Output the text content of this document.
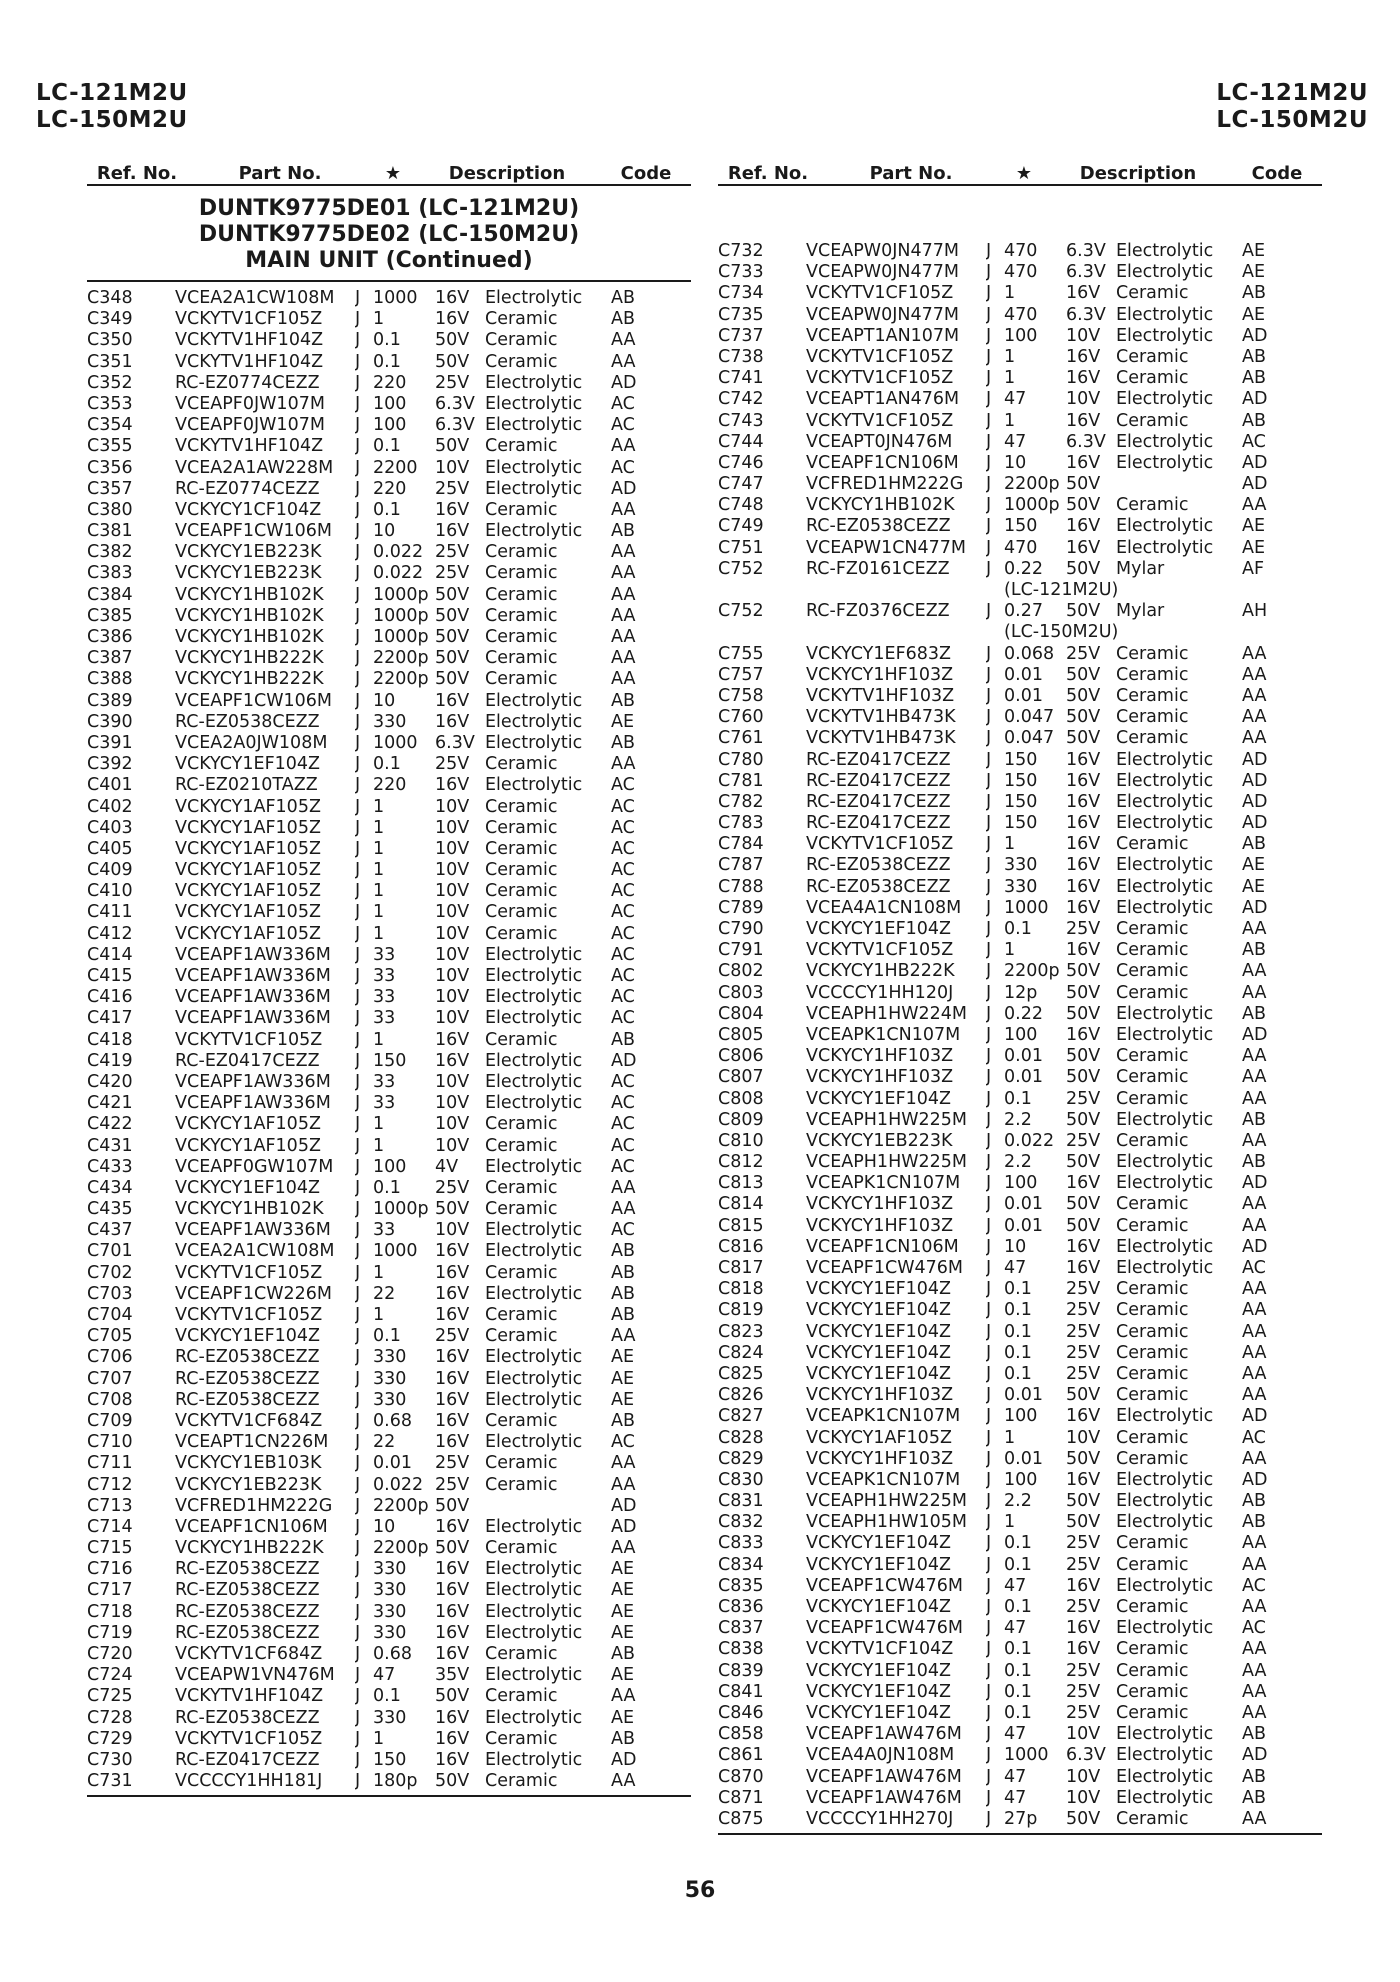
LC-121M2U
LC-150M2U
LC-121M2U
LC-150M2U
Ref. No.	Part No.	★	Description	Code
DUNTK9775DE01 (LC-121M2U)
DUNTK9775DE02 (LC-150M2U)
MAIN UNIT (Continued)
C348	VCEA2A1CW108M	J 1000 16V Electrolytic	AB
C349	VCKYTV1CF105Z	J 1	16V Ceramic	AB
C350	VCKYTV1HF104Z	J 0.1	50V Ceramic	AA
C351	VCKYTV1HF104Z	J 0.1	50V Ceramic	AA
C352	RC-EZ0774CEZZ	J 220	25V Electrolytic	AD
C353	VCEAPF0JW107M	J 100	6.3V Electrolytic	AC
C354	VCEAPF0JW107M	J 100	6.3V Electrolytic	AC
C355	VCKYTV1HF104Z	J 0.1	50V Ceramic	AA
C356	VCEA2A1AW228M	J 2200 10V Electrolytic	AC
C357	RC-EZ0774CEZZ	J 220	25V Electrolytic	AD
C380	VCKYCY1CF104Z	J 0.1	16V Ceramic	AA
C381	VCEAPF1CW106M	J 10	16V Electrolytic	AB
C382	VCKYCY1EB223K	J 0.022 25V Ceramic	AA
C383	VCKYCY1EB223K	J 0.022 25V Ceramic	AA
C384	VCKYCY1HB102K	J 1000p 50V Ceramic	AA
C385	VCKYCY1HB102K	J 1000p 50V Ceramic	AA
C386	VCKYCY1HB102K	J 1000p 50V Ceramic	AA
C387	VCKYCY1HB222K	J 2200p 50V Ceramic	AA
C388	VCKYCY1HB222K	J 2200p 50V Ceramic	AA
C389	VCEAPF1CW106M	J 10	16V Electrolytic	AB
C390	RC-EZ0538CEZZ	J 330	16V Electrolytic	AE
C391	VCEA2A0JW108M	J 1000 6.3V Electrolytic	AB
C392	VCKYCY1EF104Z	J 0.1	25V Ceramic	AA
C401	RC-EZ0210TAZZ	J 220	16V Electrolytic	AC
C402	VCKYCY1AF105Z	J 1	10V Ceramic	AC
C403	VCKYCY1AF105Z	J 1	10V Ceramic	AC
C405	VCKYCY1AF105Z	J 1	10V Ceramic	AC
C409	VCKYCY1AF105Z	J 1	10V Ceramic	AC
C410	VCKYCY1AF105Z	J 1	10V Ceramic	AC
C411	VCKYCY1AF105Z	J 1	10V Ceramic	AC
C412	VCKYCY1AF105Z	J 1	10V Ceramic	AC
C414	VCEAPF1AW336M	J 33	10V Electrolytic	AC
C415	VCEAPF1AW336M	J 33	10V Electrolytic	AC
C416	VCEAPF1AW336M	J 33	10V Electrolytic	AC
C417	VCEAPF1AW336M	J 33	10V Electrolytic	AC
C418	VCKYTV1CF105Z	J 1	16V Ceramic	AB
C419	RC-EZ0417CEZZ	J 150	16V Electrolytic	AD
C420	VCEAPF1AW336M	J 33	10V Electrolytic	AC
C421	VCEAPF1AW336M	J 33	10V Electrolytic	AC
C422	VCKYCY1AF105Z	J 1	10V Ceramic	AC
C431	VCKYCY1AF105Z	J 1	10V Ceramic	AC
C433	VCEAPF0GW107M	J 100	4V	Electrolytic	AC
C434	VCKYCY1EF104Z	J 0.1	25V Ceramic	AA
C435	VCKYCY1HB102K	J 1000p 50V Ceramic	AA
C437	VCEAPF1AW336M	J 33	10V Electrolytic	AC
C701	VCEA2A1CW108M	J 1000 16V Electrolytic	AB
C702	VCKYTV1CF105Z	J 1	16V Ceramic	AB
C703	VCEAPF1CW226M	J 22	16V Electrolytic	AB
C704	VCKYTV1CF105Z	J 1	16V Ceramic	AB
C705	VCKYCY1EF104Z	J 0.1	25V Ceramic	AA
C706	RC-EZ0538CEZZ	J 330	16V Electrolytic	AE
C707	RC-EZ0538CEZZ	J 330	16V Electrolytic	AE
C708	RC-EZ0538CEZZ	J 330	16V Electrolytic	AE
C709	VCKYTV1CF684Z	J 0.68	16V Ceramic	AB
C710	VCEAPT1CN226M	J 22	16V Electrolytic	AC
C711	VCKYCY1EB103K	J 0.01	25V Ceramic	AA
C712	VCKYCY1EB223K	J 0.022 25V Ceramic	AA
C713	VCFRED1HM222G	J 2200p 50V	AD
C714	VCEAPF1CN106M	J 10	16V Electrolytic	AD
C715	VCKYCY1HB222K	J 2200p 50V Ceramic	AA
C716	RC-EZ0538CEZZ	J 330	16V Electrolytic	AE
C717	RC-EZ0538CEZZ	J 330	16V Electrolytic	AE
C718	RC-EZ0538CEZZ	J 330	16V Electrolytic	AE
C719	RC-EZ0538CEZZ	J 330	16V Electrolytic	AE
C720	VCKYTV1CF684Z	J 0.68	16V Ceramic	AB
C724	VCEAPW1VN476M	J 47	35V Electrolytic	AE
C725	VCKYTV1HF104Z	J 0.1	50V Ceramic	AA
C728	RC-EZ0538CEZZ	J 330	16V Electrolytic	AE
C729	VCKYTV1CF105Z	J 1	16V Ceramic	AB
C730	RC-EZ0417CEZZ	J 150	16V Electrolytic	AD
C731	VCCCCY1HH181J	J 180p 50V Ceramic	AA
Ref. No.	Part No.	★	Description	Code
C732	VCEAPW0JN477M	J 470	6.3V Electrolytic	AE
C733	VCEAPW0JN477M	J 470	6.3V Electrolytic	AE
C734	VCKYTV1CF105Z	J 1	16V Ceramic	AB
C735	VCEAPW0JN477M	J 470	6.3V Electrolytic	AE
C737	VCEAPT1AN107M	J 100	10V Electrolytic	AD
C738	VCKYTV1CF105Z	J 1	16V Ceramic	AB
C741	VCKYTV1CF105Z	J 1	16V Ceramic	AB
C742	VCEAPT1AN476M	J 47	10V Electrolytic	AD
C743	VCKYTV1CF105Z	J 1	16V Ceramic	AB
C744	VCEAPT0JN476M	J 47	6.3V Electrolytic	AC
C746	VCEAPF1CN106M	J 10	16V Electrolytic	AD
C747	VCFRED1HM222G	J 2200p 50V	AD
C748	VCKYCY1HB102K	J 1000p 50V Ceramic	AA
C749	RC-EZ0538CEZZ	J 150	16V Electrolytic	AE
C751	VCEAPW1CN477M	J 470	16V Electrolytic	AE
C752	RC-FZ0161CEZZ	J 0.22	50V Mylar	AF
(LC-121M2U)
C752	RC-FZ0376CEZZ	J 0.27	50V Mylar	AH
(LC-150M2U)
C755	VCKYCY1EF683Z	J 0.068 25V Ceramic	AA
C757	VCKYCY1HF103Z	J 0.01	50V Ceramic	AA
C758	VCKYTV1HF103Z	J 0.01	50V Ceramic	AA
C760	VCKYTV1HB473K	J 0.047 50V Ceramic	AA
C761	VCKYTV1HB473K	J 0.047 50V Ceramic	AA
C780	RC-EZ0417CEZZ	J 150	16V Electrolytic	AD
C781	RC-EZ0417CEZZ	J 150	16V Electrolytic	AD
C782	RC-EZ0417CEZZ	J 150	16V Electrolytic	AD
C783	RC-EZ0417CEZZ	J 150	16V Electrolytic	AD
C784	VCKYTV1CF105Z	J 1	16V Ceramic	AB
C787	RC-EZ0538CEZZ	J 330	16V Electrolytic	AE
C788	RC-EZ0538CEZZ	J 330	16V Electrolytic	AE
C789	VCEA4A1CN108M	J 1000 16V Electrolytic	AD
C790	VCKYCY1EF104Z	J 0.1	25V Ceramic	AA
C791	VCKYTV1CF105Z	J 1	16V Ceramic	AB
C802	VCKYCY1HB222K	J 2200p 50V Ceramic	AA
C803	VCCCCY1HH120J	J 12p	50V Ceramic	AA
C804	VCEAPH1HW224M	J 0.22	50V Electrolytic	AB
C805	VCEAPK1CN107M	J 100	16V Electrolytic	AD
C806	VCKYCY1HF103Z	J 0.01	50V Ceramic	AA
C807	VCKYCY1HF103Z	J 0.01	50V Ceramic	AA
C808	VCKYCY1EF104Z	J 0.1	25V Ceramic	AA
C809	VCEAPH1HW225M	J 2.2	50V Electrolytic	AB
C810	VCKYCY1EB223K	J 0.022 25V Ceramic	AA
C812	VCEAPH1HW225M	J 2.2	50V Electrolytic	AB
C813	VCEAPK1CN107M	J 100	16V Electrolytic	AD
C814	VCKYCY1HF103Z	J 0.01	50V Ceramic	AA
C815	VCKYCY1HF103Z	J 0.01	50V Ceramic	AA
C816	VCEAPF1CN106M	J 10	16V Electrolytic	AD
C817	VCEAPF1CW476M	J 47	16V Electrolytic	AC
C818	VCKYCY1EF104Z	J 0.1	25V Ceramic	AA
C819	VCKYCY1EF104Z	J 0.1	25V Ceramic	AA
C823	VCKYCY1EF104Z	J 0.1	25V Ceramic	AA
C824	VCKYCY1EF104Z	J 0.1	25V Ceramic	AA
C825	VCKYCY1EF104Z	J 0.1	25V Ceramic	AA
C826	VCKYCY1HF103Z	J 0.01	50V Ceramic	AA
C827	VCEAPK1CN107M	J 100	16V Electrolytic	AD
C828	VCKYCY1AF105Z	J 1	10V Ceramic	AC
C829	VCKYCY1HF103Z	J 0.01	50V Ceramic	AA
C830	VCEAPK1CN107M	J 100	16V Electrolytic	AD
C831	VCEAPH1HW225M	J 2.2	50V Electrolytic	AB
C832	VCEAPH1HW105M	J 1	50V Electrolytic	AB
C833	VCKYCY1EF104Z	J 0.1	25V Ceramic	AA
C834	VCKYCY1EF104Z	J 0.1	25V Ceramic	AA
C835	VCEAPF1CW476M	J 47	16V Electrolytic	AC
C836	VCKYCY1EF104Z	J 0.1	25V Ceramic	AA
C837	VCEAPF1CW476M	J 47	16V Electrolytic	AC
C838	VCKYTV1CF104Z	J 0.1	16V Ceramic	AA
C839	VCKYCY1EF104Z	J 0.1	25V Ceramic	AA
C841	VCKYCY1EF104Z	J 0.1	25V Ceramic	AA
C846	VCKYCY1EF104Z	J 0.1	25V Ceramic	AA
C858	VCEAPF1AW476M	J 47	10V Electrolytic	AB
C861	VCEA4A0JN108M	J 1000 6.3V Electrolytic	AD
C870	VCEAPF1AW476M	J 47	10V Electrolytic	AB
C871	VCEAPF1AW476M	J 47	10V Electrolytic	AB
C875	VCCCCY1HH270J	J 27p	50V Ceramic	AA
56
